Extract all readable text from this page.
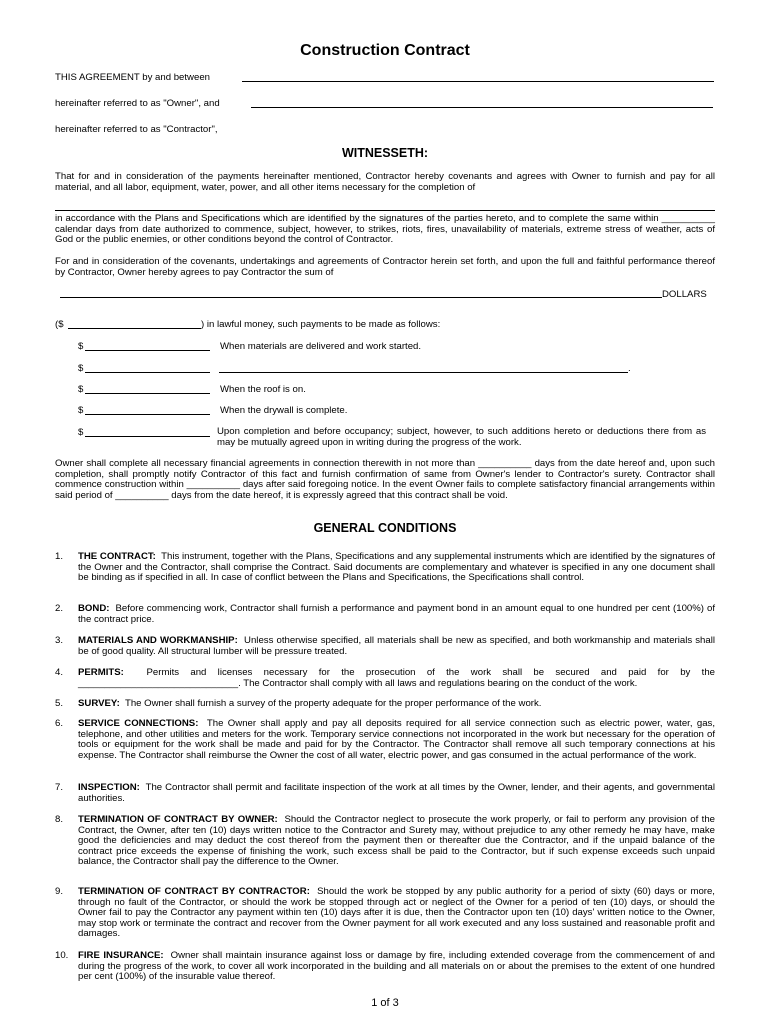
Construction Contract
THIS AGREEMENT by and between
hereinafter referred to as "Owner", and
hereinafter referred to as "Contractor",
WITNESSETH:
That for and in consideration of the payments hereinafter mentioned, Contractor hereby covenants and agrees with Owner to furnish and pay for all material, and all labor, equipment, water, power, and all other items necessary for the completion of
in accordance with the Plans and Specifications which are identified by the signatures of the parties hereto, and to complete the same within __________ calendar days from date authorized to commence, subject, however, to strikes, riots, fires, unavailability of materials, extreme stress of weather, acts of God or the public enemies, or other conditions beyond the control of Contractor.
For and in consideration of the covenants, undertakings and agreements of Contractor herein set forth, and upon the full and faithful performance thereof by Contractor, Owner hereby agrees to pay Contractor the sum of
DOLLARS
($	) in lawful money, such payments to be made as follows:
$	When materials are delivered and work started.
$	.
$	When the roof is on.
$	When the drywall is complete.
$	Upon completion and before occupancy; subject, however, to such additions hereto or deductions there from as may be mutually agreed upon in writing during the progress of the work.
Owner shall complete all necessary financial agreements in connection therewith in not more than __________ days from the date hereof and, upon such completion, shall promptly notify Contractor of this fact and furnish confirmation of same from Owner's lender to Contractor's surety. Contractor shall commence construction within __________ days after said foregoing notice. In the event Owner fails to complete satisfactory financial arrangements within said period of __________ days from the date hereof, it is expressly agreed that this contract shall be void.
GENERAL CONDITIONS
1. THE CONTRACT: This instrument, together with the Plans, Specifications and any supplemental instruments which are identified by the signatures of the Owner and the Contractor, shall comprise the Contract. Said documents are complementary and whatever is specified in any one document shall be binding as if specified in all. In case of conflict between the Plans and Specifications, the Specifications shall control.
2. BOND: Before commencing work, Contractor shall furnish a performance and payment bond in an amount equal to one hundred per cent (100%) of the contract price.
3. MATERIALS AND WORKMANSHIP: Unless otherwise specified, all materials shall be new as specified, and both workmanship and materials shall be of good quality. All structural lumber will be pressure treated.
4. PERMITS: Permits and licenses necessary for the prosecution of the work shall be secured and paid for by the ______________________________. The Contractor shall comply with all laws and regulations bearing on the conduct of the work.
5. SURVEY: The Owner shall furnish a survey of the property adequate for the proper performance of the work.
6. SERVICE CONNECTIONS: The Owner shall apply and pay all deposits required for all service connection such as electric power, water, gas, telephone, and other utilities and meters for the work. Temporary service connections not incorporated in the work but necessary for the operation of tools or equipment for the work shall be made and paid for by the Contractor. The Contractor shall remove all such temporary connections at his expense. The Contractor shall reimburse the Owner the cost of all water, electric power, and gas consumed in the actual performance of the work.
7. INSPECTION: The Contractor shall permit and facilitate inspection of the work at all times by the Owner, lender, and their agents, and governmental authorities.
8. TERMINATION OF CONTRACT BY OWNER: Should the Contractor neglect to prosecute the work properly, or fail to perform any provision of the Contract, the Owner, after ten (10) days written notice to the Contractor and Surety may, without prejudice to any other remedy he may have, make good the deficiencies and may deduct the cost thereof from the payment then or thereafter due the Contractor, and if the unpaid balance of the contract price exceeds the expense of finishing the work, such excess shall be paid to the Contractor, but if such expense exceeds such unpaid balance, the Contractor shall pay the difference to the Owner.
9. TERMINATION OF CONTRACT BY CONTRACTOR: Should the work be stopped by any public authority for a period of sixty (60) days or more, through no fault of the Contractor, or should the work be stopped through act or neglect of the Owner for a period of ten (10) days, or should the Owner fail to pay the Contractor any payment within ten (10) days after it is due, then the Contractor upon ten (10) days' written notice to the Owner, may stop work or terminate the contract and recover from the Owner payment for all work executed and any loss sustained and reasonable profit and damages.
10. FIRE INSURANCE: Owner shall maintain insurance against loss or damage by fire, including extended coverage from the commencement of and during the progress of the work, to cover all work incorporated in the building and all materials on or about the premises to the extent of one hundred per cent (100%) of the insurable value thereof.
1 of 3
